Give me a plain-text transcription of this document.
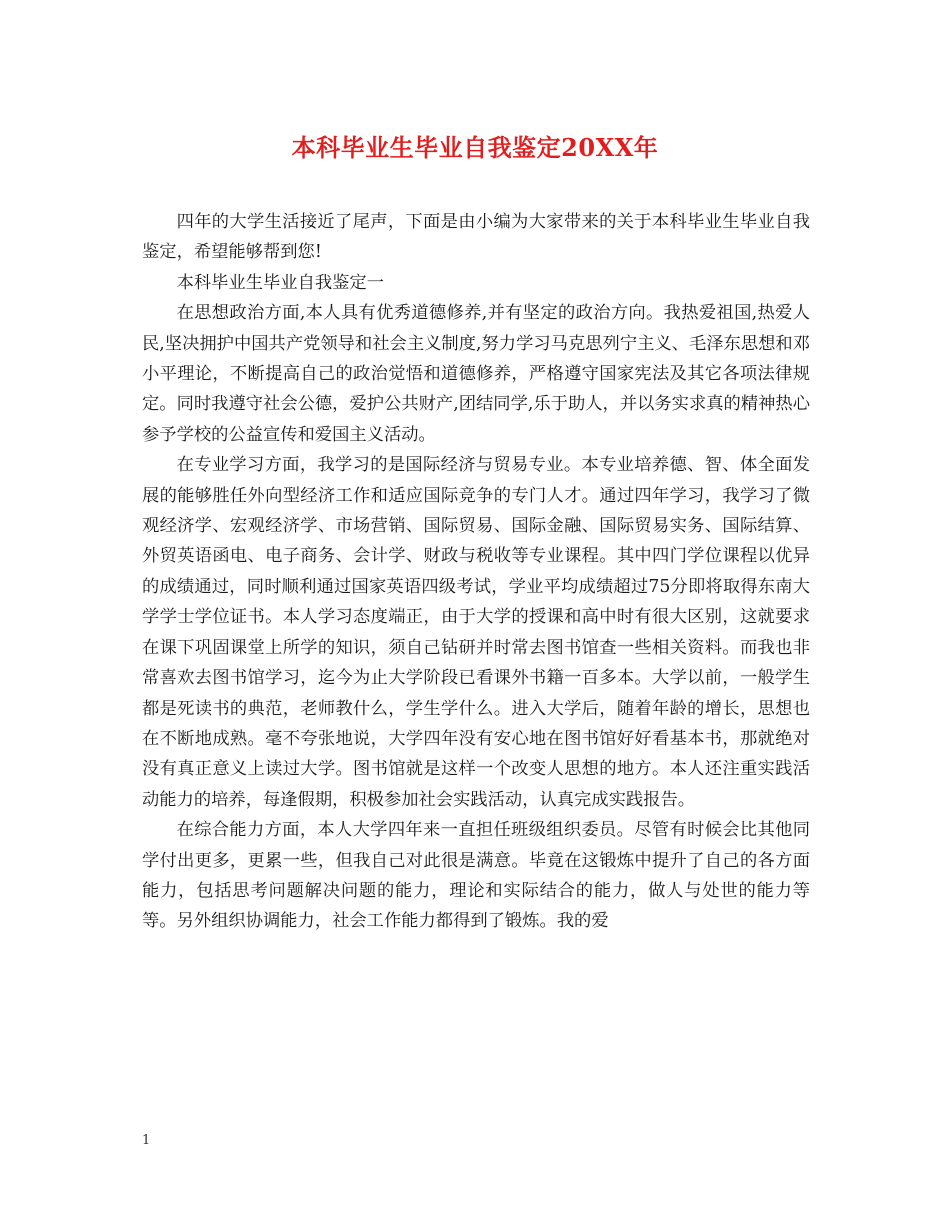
本科毕业生毕业自我鉴定20XX年

四年的大学生活接近了尾声，下面是由小编为大家带来的关于本科毕业生毕业自我鉴定，希望能够帮到您!

本科毕业生毕业自我鉴定一

在思想政治方面,本人具有优秀道德修养,并有坚定的政治方向。我热爱祖国,热爱人民,坚决拥护中国共产党领导和社会主义制度,努力学习马克思列宁主义、毛泽东思想和邓小平理论，不断提高自己的政治觉悟和道德修养，严格遵守国家宪法及其它各项法律规定。同时我遵守社会公德，爱护公共财产,团结同学,乐于助人，并以务实求真的精神热心参予学校的公益宣传和爱国主义活动。

在专业学习方面，我学习的是国际经济与贸易专业。本专业培养德、智、体全面发展的能够胜任外向型经济工作和适应国际竞争的专门人才。通过四年学习，我学习了微观经济学、宏观经济学、市场营销、国际贸易、国际金融、国际贸易实务、国际结算、外贸英语函电、电子商务、会计学、财政与税收等专业课程。其中四门学位课程以优异的成绩通过，同时顺利通过国家英语四级考试，学业平均成绩超过75分即将取得东南大学学士学位证书。本人学习态度端正，由于大学的授课和高中时有很大区别，这就要求在课下巩固课堂上所学的知识，须自己钻研并时常去图书馆查一些相关资料。而我也非常喜欢去图书馆学习，迄今为止大学阶段已看课外书籍一百多本。大学以前，一般学生都是死读书的典范，老师教什么，学生学什么。进入大学后，随着年龄的增长，思想也在不断地成熟。毫不夸张地说，大学四年没有安心地在图书馆好好看基本书，那就绝对没有真正意义上读过大学。图书馆就是这样一个改变人思想的地方。本人还注重实践活动能力的培养，每逢假期，积极参加社会实践活动，认真完成实践报告。

在综合能力方面，本人大学四年来一直担任班级组织委员。尽管有时候会比其他同学付出更多，更累一些，但我自己对此很是满意。毕竟在这锻炼中提升了自己的各方面能力，包括思考问题解决问题的能力，理论和实际结合的能力，做人与处世的能力等等。另外组织协调能力，社会工作能力都得到了锻炼。我的爱

1
